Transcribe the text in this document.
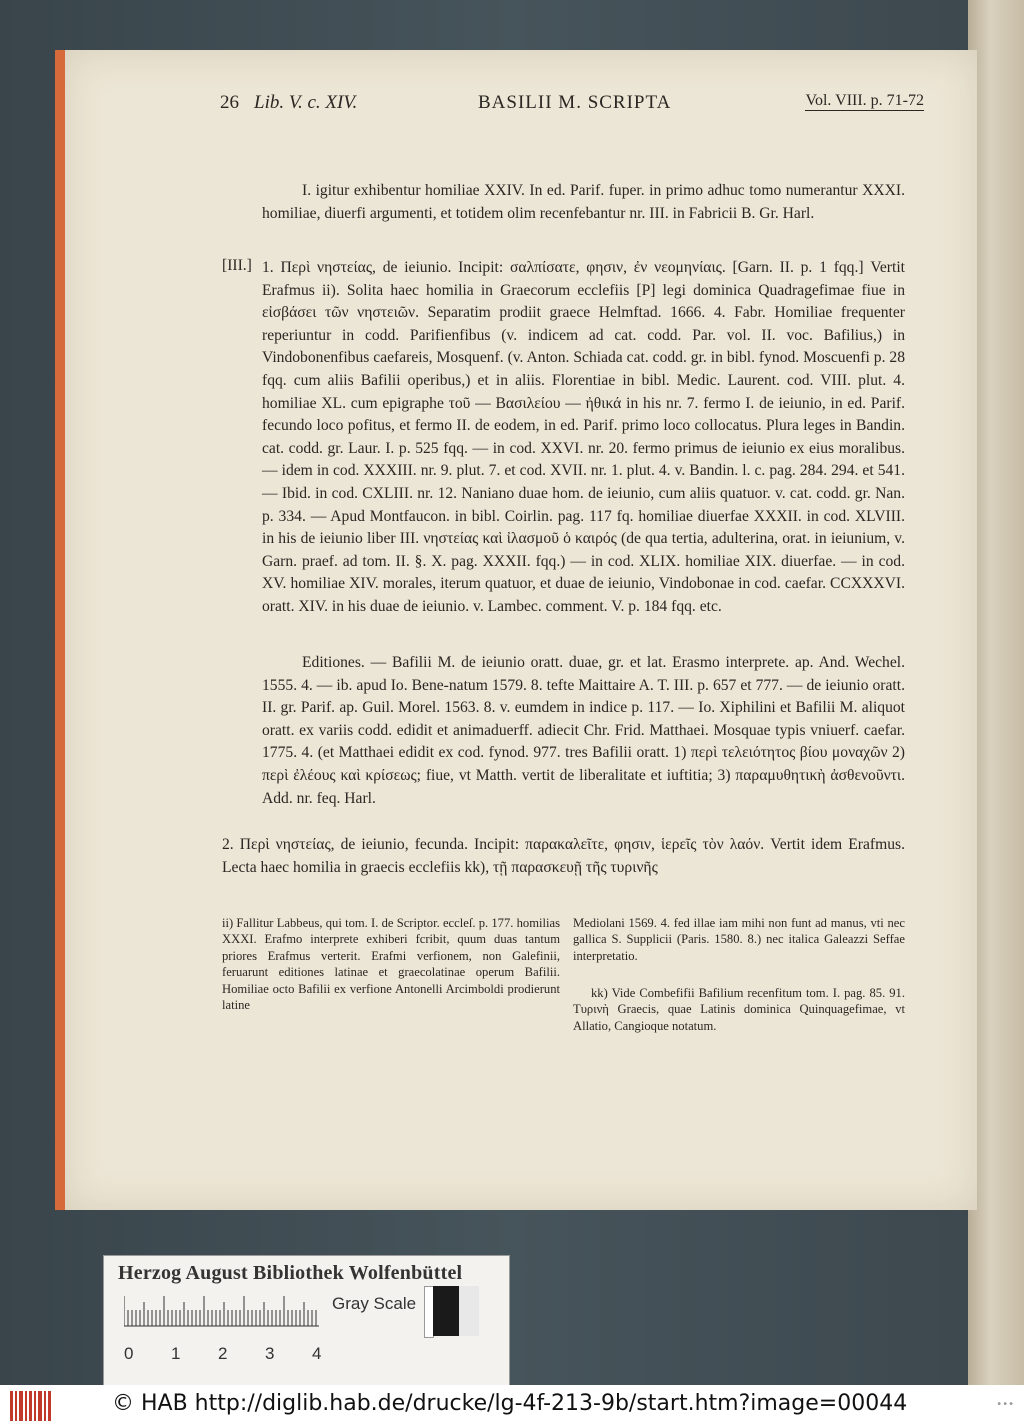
26 Lib. V. c. XIV.	BASILII M. SCRIPTA	Vol. VIII. p. 71-72
I. igitur exhibentur homiliae XXIV. In ed. Parif. fuper. in primo adhuc tomo numerantur XXXI. homiliae, diuerfi argumenti, et totidem olim recenfebantur nr. III. in Fabricii B. Gr. Harl.
[III.] 1. Περὶ νηστείας, de ieiunio. Incipit: σαλπίσατε, φησιν, ἐν νεομηνίαις. [Garn. II. p. 1 fqq.] Vertit Erafmus ii). Solita haec homilia in Graecorum ecclefiis [P] legi dominica Quadragefimae fiue in εἰσβάσει τῶν νηστειῶν. Separatim prodiit graece Helmftad. 1666. 4. Fabr. Homiliae frequenter reperiuntur in codd. Parifienfibus (v. indicem ad cat. codd. Par. vol. II. voc. Bafilius,) in Vindobonenfibus caefareis, Mosquenf. (v. Anton. Schiada cat. codd. gr. in bibl. fynod. Moscuenfi p. 28 fqq. cum aliis Bafilii operibus,) et in aliis. Florentiae in bibl. Medic. Laurent. cod. VIII. plut. 4. homiliae XL. cum epigraphe τοῦ — Βασιλείου — ἠθικά in his nr. 7. fermo I. de ieiunio, in ed. Parif. fecundo loco pofitus, et fermo II. de eodem, in ed. Parif. primo loco collocatus. Plura leges in Bandin. cat. codd. gr. Laur. I. p. 525 fqq. — in cod. XXVI. nr. 20. fermo primus de ieiunio ex eius moralibus. — idem in cod. XXXIII. nr. 9. plut. 7. et cod. XVII. nr. 1. plut. 4. v. Bandin. l. c. pag. 284. 294. et 541. — Ibid. in cod. CXLIII. nr. 12. Naniano duae hom. de ieiunio, cum aliis quatuor. v. cat. codd. gr. Nan. p. 334. — Apud Montfaucon. in bibl. Coirlin. pag. 117 fq. homiliae diuerfae XXXII. in cod. XLVIII. in his de ieiunio liber III. νηστείας καὶ ἰλασμοῦ ὁ καιρός (de qua tertia, adulterina, orat. in ieiunium, v. Garn. praef. ad tom. II. §. X. pag. XXXII. fqq.) — in cod. XLIX. homiliae XIX. diuerfae. — in cod. XV. homiliae XIV. morales, iterum quatuor, et duae de ieiunio, Vindobonae in cod. caefar. CCXXXVI. oratt. XIV. in his duae de ieiunio. v. Lambec. comment. V. p. 184 fqq. etc.
Editiones. — Bafilii M. de ieiunio oratt. duae, gr. et lat. Erasmo interprete. ap. And. Wechel. 1555. 4. — ib. apud Io. Bene-natum 1579. 8. tefte Maittaire A. T. III. p. 657 et 777. — de ieiunio oratt. II. gr. Parif. ap. Guil. Morel. 1563. 8. v. eumdem in indice p. 117. — Io. Xiphilini et Bafilii M. aliquot oratt. ex variis codd. edidit et animaduerff. adiecit Chr. Frid. Matthaei. Mosquae typis vniuerf. caefar. 1775. 4. (et Matthaei edidit ex cod. fynod. 977. tres Bafilii oratt. 1) περὶ τελειότητος βίου μοναχῶν 2) περὶ ἐλέους καὶ κρίσεως; fiue, vt Matth. vertit de liberalitate et iuftitia; 3) παραμυθητικὴ ἀσθενοῦντι. Add. nr. feq. Harl.
2. Περὶ νηστείας, de ieiunio, fecunda. Incipit: παρακαλεῖτε, φησιν, ἱερεῖς τὸν λαόν. Vertit idem Erafmus. Lecta haec homilia in graecis ecclefiis kk), τῇ παρασκευῇ τῆς τυρινῆς
ii) Fallitur Labbeus, qui tom. I. de Scriptor. eccleſ. p. 177. homilias XXXI. Erafmo interprete exhiberi fcribit, quum duas tantum priores Erafmus verterit. Erafmi verfionem, non Galefinii, feruarunt editiones latinae et graecolatinae operum Bafilii. Homiliae octo Bafilii ex verfione Antonelli Arcimboldi prodierunt latine
Mediolani 1569. 4. fed illae iam mihi non funt ad manus, vti nec gallica S. Supplicii (Paris. 1580. 8.) nec italica Galeazzi Seffae interpretatio.
kk) Vide Combefifii Bafilium recenfitum tom. I. pag. 85. 91. Τυρινὴ Graecis, quae Latinis dominica Quinquagefimae, vt Allatio, Cangioque notatum.
Herzog August Bibliothek Wolfenbüttel
Gray Scale
0 1 2 3 4
© HAB http://diglib.hab.de/drucke/lg-4f-213-9b/start.htm?image=00044	•••
